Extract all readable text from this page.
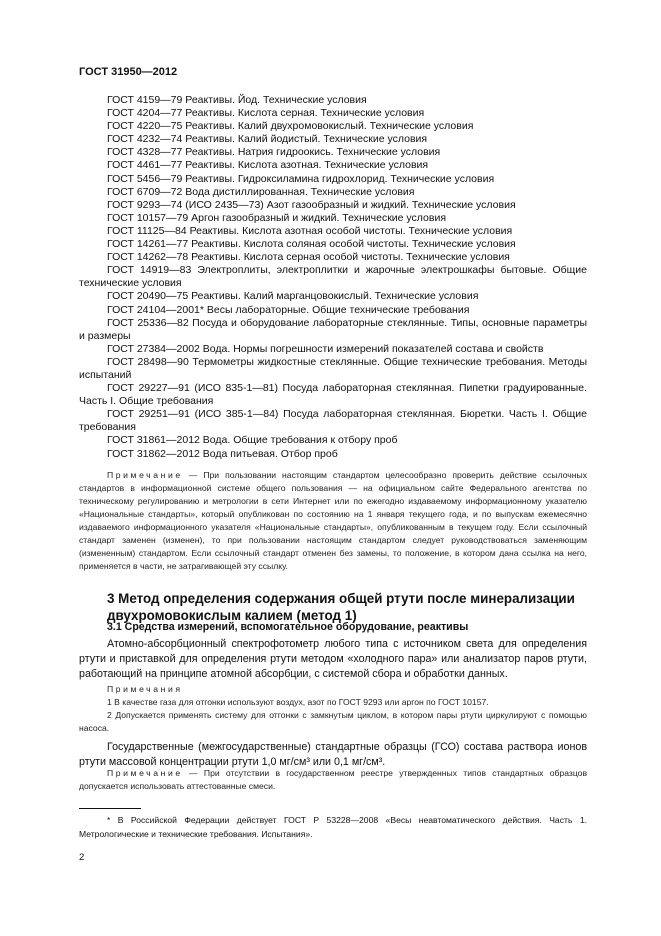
ГОСТ 31950—2012

ГОСТ 4159—79 Реактивы. Йод. Технические условия

ГОСТ 4204—77 Реактивы. Кислота серная. Технические условия

ГОСТ 4220—75 Реактивы. Калий двухромовокислый. Технические условия

ГОСТ 4232—74 Реактивы. Калий йодистый. Технические условия

ГОСТ 4328—77 Реактивы. Натрия гидроокись. Технические условия

ГОСТ 4461—77 Реактивы. Кислота азотная. Технические условия

ГОСТ 5456—79 Реактивы. Гидроксиламина гидрохлорид. Технические условия

ГОСТ 6709—72 Вода дистиллированная. Технические условия

ГОСТ 9293—74 (ИСО 2435—73) Азот газообразный и жидкий. Технические условия

ГОСТ 10157—79 Аргон газообразный и жидкий. Технические условия

ГОСТ 11125—84 Реактивы. Кислота азотная особой чистоты. Технические условия

ГОСТ 14261—77 Реактивы. Кислота соляная особой чистоты. Технические условия

ГОСТ 14262—78 Реактивы. Кислота серная особой чистоты. Технические условия

ГОСТ 14919—83 Электроплиты, электроплитки и жарочные электрошкафы бытовые. Общие технические условия

ГОСТ 20490—75 Реактивы. Калий марганцовокислый. Технические условия

ГОСТ 24104—2001* Весы лабораторные. Общие технические требования

ГОСТ 25336—82 Посуда и оборудование лабораторные стеклянные. Типы, основные параметры и размеры

ГОСТ 27384—2002 Вода. Нормы погрешности измерений показателей состава и свойств

ГОСТ 28498—90 Термометры жидкостные стеклянные. Общие технические требования. Методы испытаний

ГОСТ 29227—91 (ИСО 835-1—81) Посуда лабораторная стеклянная. Пипетки градуированные. Часть I. Общие требования

ГОСТ 29251—91 (ИСО 385-1—84) Посуда лабораторная стеклянная. Бюретки. Часть I. Общие требования

ГОСТ 31861—2012 Вода. Общие требования к отбору проб

ГОСТ 31862—2012 Вода питьевая. Отбор проб

Примечание — При пользовании настоящим стандартом целесообразно проверить действие ссылочных стандартов в информационной системе общего пользования — на официальном сайте Федерального агентства по техническому регулированию и метрологии в сети Интернет или по ежегодно издаваемому информационному указателю «Национальные стандарты», который опубликован по состоянию на 1 января текущего года, и по выпускам ежемесячно издаваемого информационного указателя «Национальные стандарты», опубликованным в текущем году. Если ссылочный стандарт заменен (изменен), то при пользовании настоящим стандартом следует руководствоваться заменяющим (измененным) стандартом. Если ссылочный стандарт отменен без замены, то положение, в котором дана ссылка на него, применяется в части, не затрагивающей эту ссылку.

3 Метод определения содержания общей ртути после минерализации двухромовокислым калием (метод 1)
3.1 Средства измерений, вспомогательное оборудование, реактивы

Атомно-абсорбционный спектрофотометр любого типа с источником света для определения ртути и приставкой для определения ртути методом «холодного пара» или анализатор паров ртути, работающий на принципе атомной абсорбции, с системой сбора и обработки данных.

Примечания

1 В качестве газа для отгонки используют воздух, азот по ГОСТ 9293 или аргон по ГОСТ 10157.

2 Допускается применять систему для отгонки с замкнутым циклом, в котором пары ртути циркулируют с помощью насоса.

Государственные (межгосударственные) стандартные образцы (ГСО) состава раствора ионов ртути массовой концентрации ртути 1,0 мг/см³ или 0,1 мг/см³.

Примечание — При отсутствии в государственном реестре утвержденных типов стандартных образцов допускается использовать аттестованные смеси.

* В Российской Федерации действует ГОСТ Р 53228—2008 «Весы неавтоматического действия. Часть 1. Метрологические и технические требования. Испытания».

2
